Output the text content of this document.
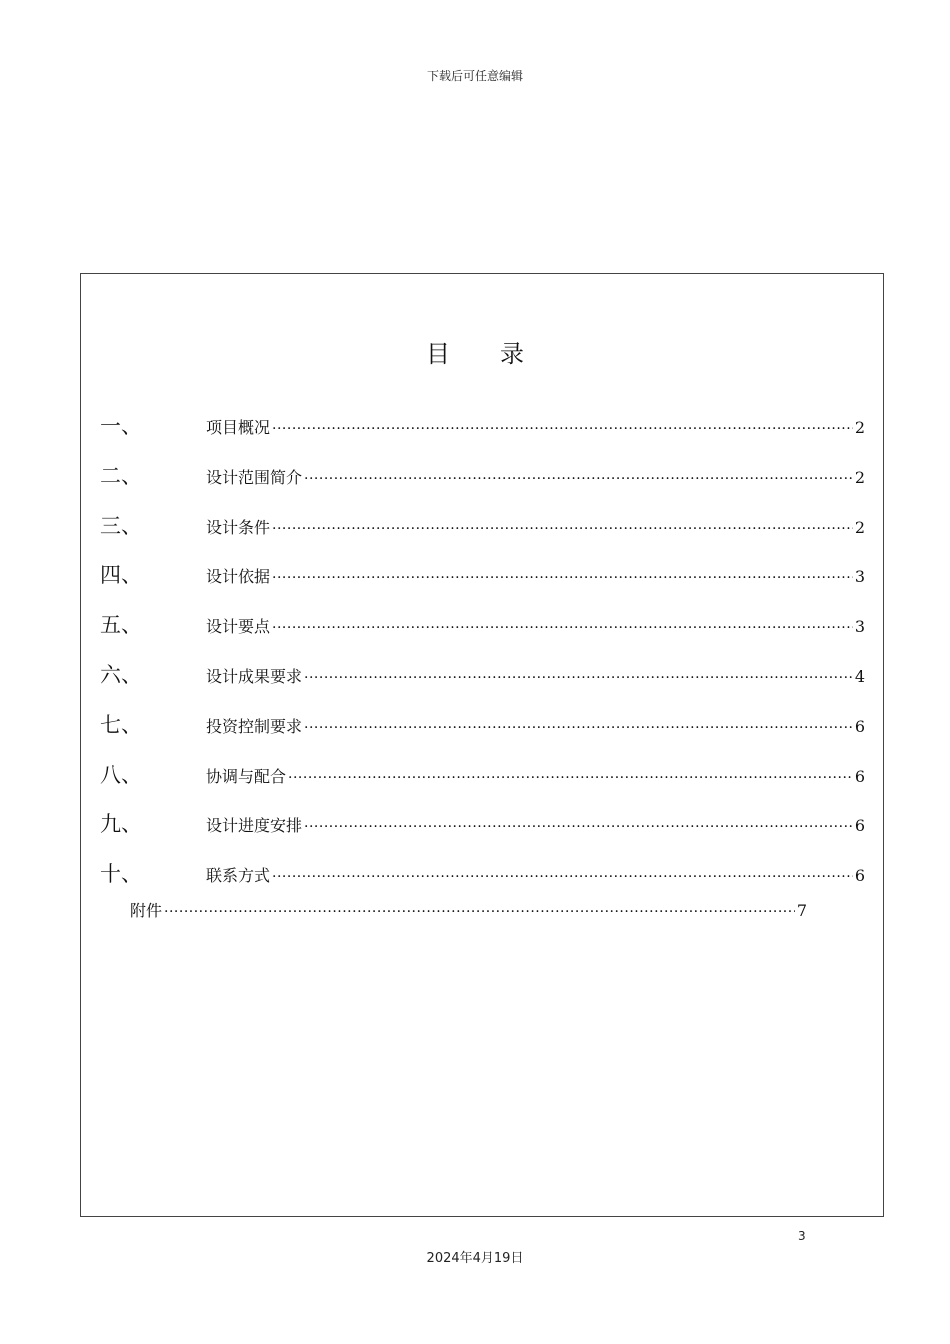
下载后可任意编辑
目录
一、	项目概况 ·····	2
二、	设计范围简介 ·····	2
三、	设计条件 ·····	2
四、	设计依据 ·····	3
五、	设计要点 ·····	3
六、	设计成果要求 ·····	4
七、	投资控制要求 ·····	6
八、	协调与配合 ·····	6
九、	设计进度安排 ·····	6
十、	联系方式 ·····	6
附件 ·····	7
3
2024年4月19日
